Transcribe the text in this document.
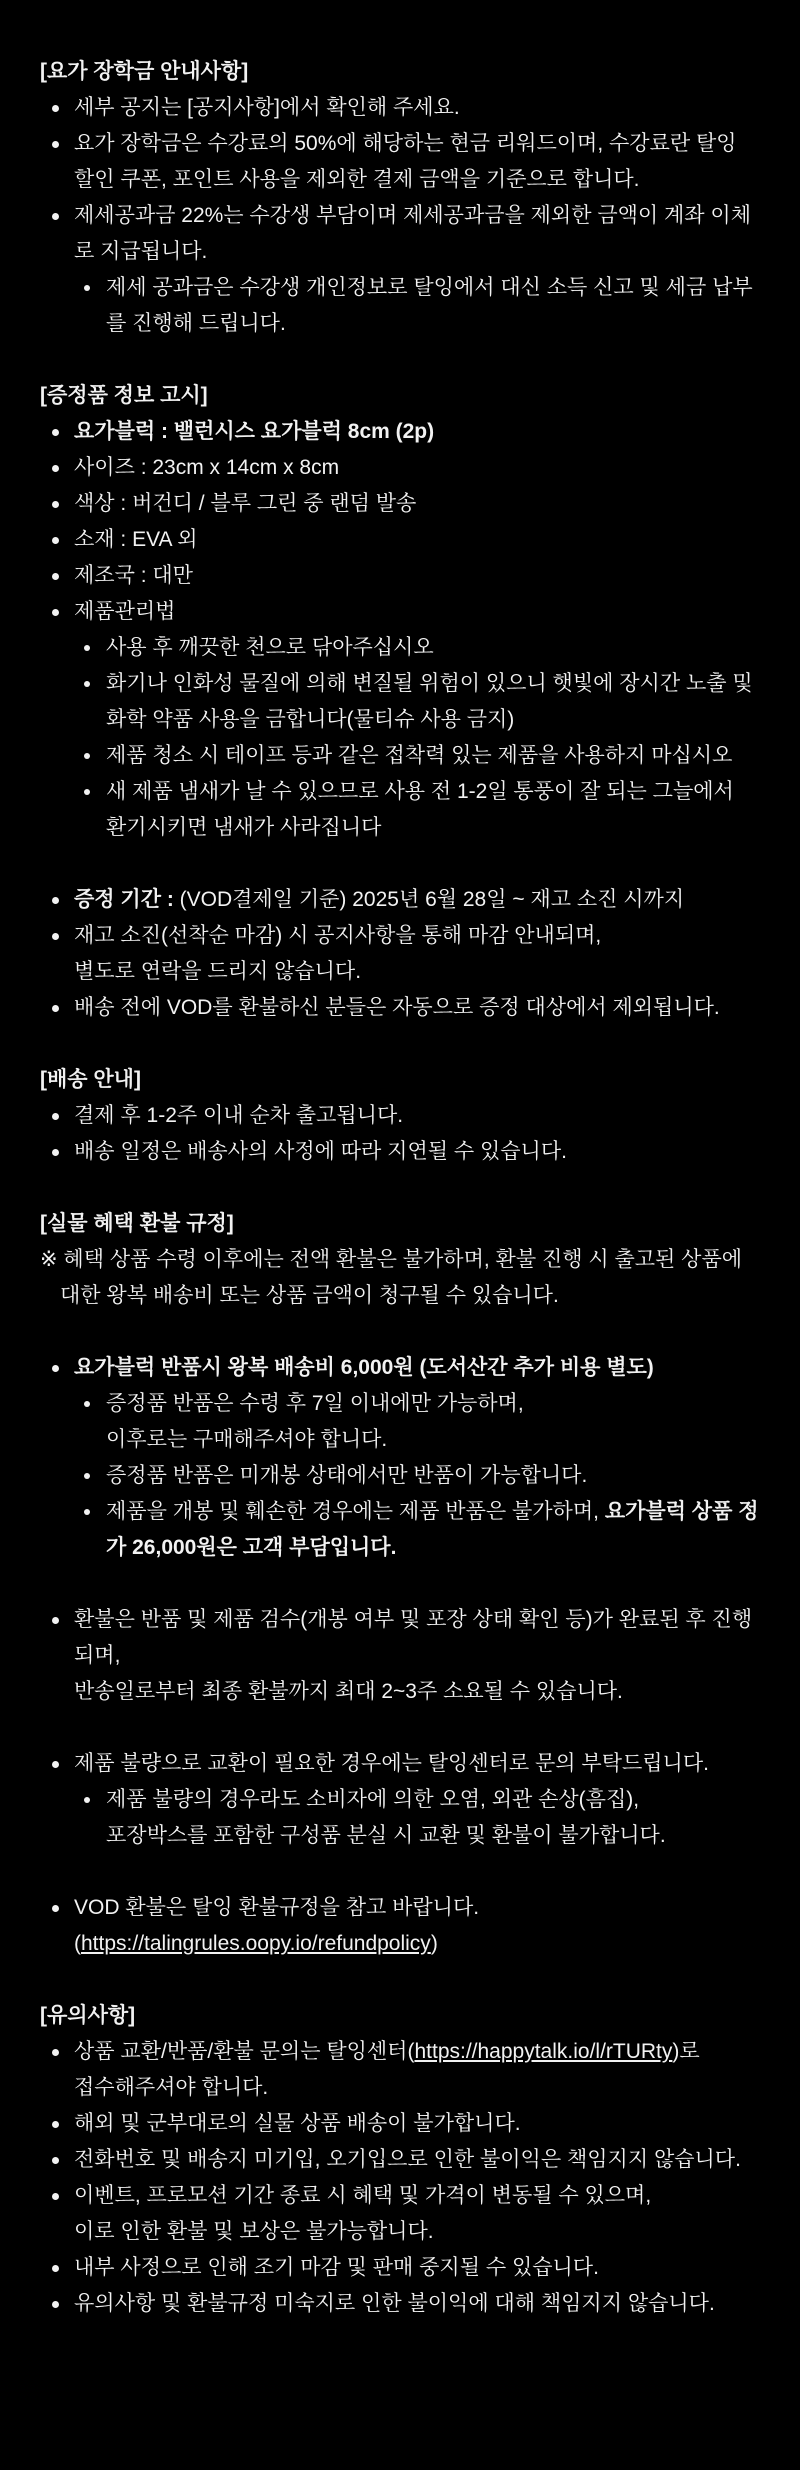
[요가 장학금 안내사항]

세부 공지는 [공지사항]에서 확인해 주세요.
요가 장학금은 수강료의 50%에 해당하는 현금 리워드이며, 수강료란 탈잉 할인 쿠폰, 포인트 사용을 제외한 결제 금액을 기준으로 합니다.
제세공과금 22%는 수강생 부담이며 제세공과금을 제외한 금액이 계좌 이체로 지급됩니다.
제세 공과금은 수강생 개인정보로 탈잉에서 대신 소득 신고 및 세금 납부를 진행해 드립니다.

[증정품 정보 고시]

요가블럭 : 밸런시스 요가블럭 8cm (2p)
사이즈 : 23cm x 14cm x 8cm
색상 : 버건디 / 블루 그린 중 랜덤 발송
소재 : EVA 외
제조국 : 대만
제품관리법
사용 후 깨끗한 천으로 닦아주십시오
화기나 인화성 물질에 의해 변질될 위험이 있으니 햇빛에 장시간 노출 및
화학 약품 사용을 금합니다(물티슈 사용 금지)
제품 청소 시 테이프 등과 같은 접착력 있는 제품을 사용하지 마십시오
새 제품 냄새가 날 수 있으므로 사용 전 1-2일 통풍이 잘 되는 그늘에서
환기시키면 냄새가 사라집니다
증정 기간 : (VOD결제일 기준) 2025년 6월 28일 ~ 재고 소진 시까지
재고 소진(선착순 마감) 시 공지사항을 통해 마감 안내되며,
별도로 연락을 드리지 않습니다.
배송 전에 VOD를 환불하신 분들은 자동으로 증정 대상에서 제외됩니다.

[배송 안내]

결제 후 1-2주 이내 순차 출고됩니다.
배송 일정은 배송사의 사정에 따라 지연될 수 있습니다.

[실물 혜택 환불 규정]

※ 혜택 상품 수령 이후에는 전액 환불은 불가하며, 환불 진행 시 출고된 상품에 대한 왕복 배송비 또는 상품 금액이 청구될 수 있습니다.

요가블럭 반품시 왕복 배송비 6,000원 (도서산간 추가 비용 별도)
증정품 반품은 수령 후 7일 이내에만 가능하며,
이후로는 구매해주셔야 합니다.
증정품 반품은 미개봉 상태에서만 반품이 가능합니다.
제품을 개봉 및 훼손한 경우에는 제품 반품은 불가하며, 요가블럭 상품 정가 26,000원은 고객 부담입니다.
환불은 반품 및 제품 검수(개봉 여부 및 포장 상태 확인 등)가 완료된 후 진행되며,
반송일로부터 최종 환불까지 최대 2~3주 소요될 수 있습니다.
제품 불량으로 교환이 필요한 경우에는 탈잉센터로 문의 부탁드립니다.
제품 불량의 경우라도 소비자에 의한 오염, 외관 손상(흠집),
포장박스를 포함한 구성품 분실 시 교환 및 환불이 불가합니다.
VOD 환불은 탈잉 환불규정을 참고 바랍니다.
(https://talingrules.oopy.io/refundpolicy)

[유의사항]

상품 교환/반품/환불 문의는 탈잉센터(https://happytalk.io/l/rTURty)로
접수해주셔야 합니다.
해외 및 군부대로의 실물 상품 배송이 불가합니다.
전화번호 및 배송지 미기입, 오기입으로 인한 불이익은 책임지지 않습니다.
이벤트, 프로모션 기간 종료 시 혜택 및 가격이 변동될 수 있으며,
이로 인한 환불 및 보상은 불가능합니다.
내부 사정으로 인해 조기 마감 및 판매 중지될 수 있습니다.
유의사항 및 환불규정 미숙지로 인한 불이익에 대해 책임지지 않습니다.
